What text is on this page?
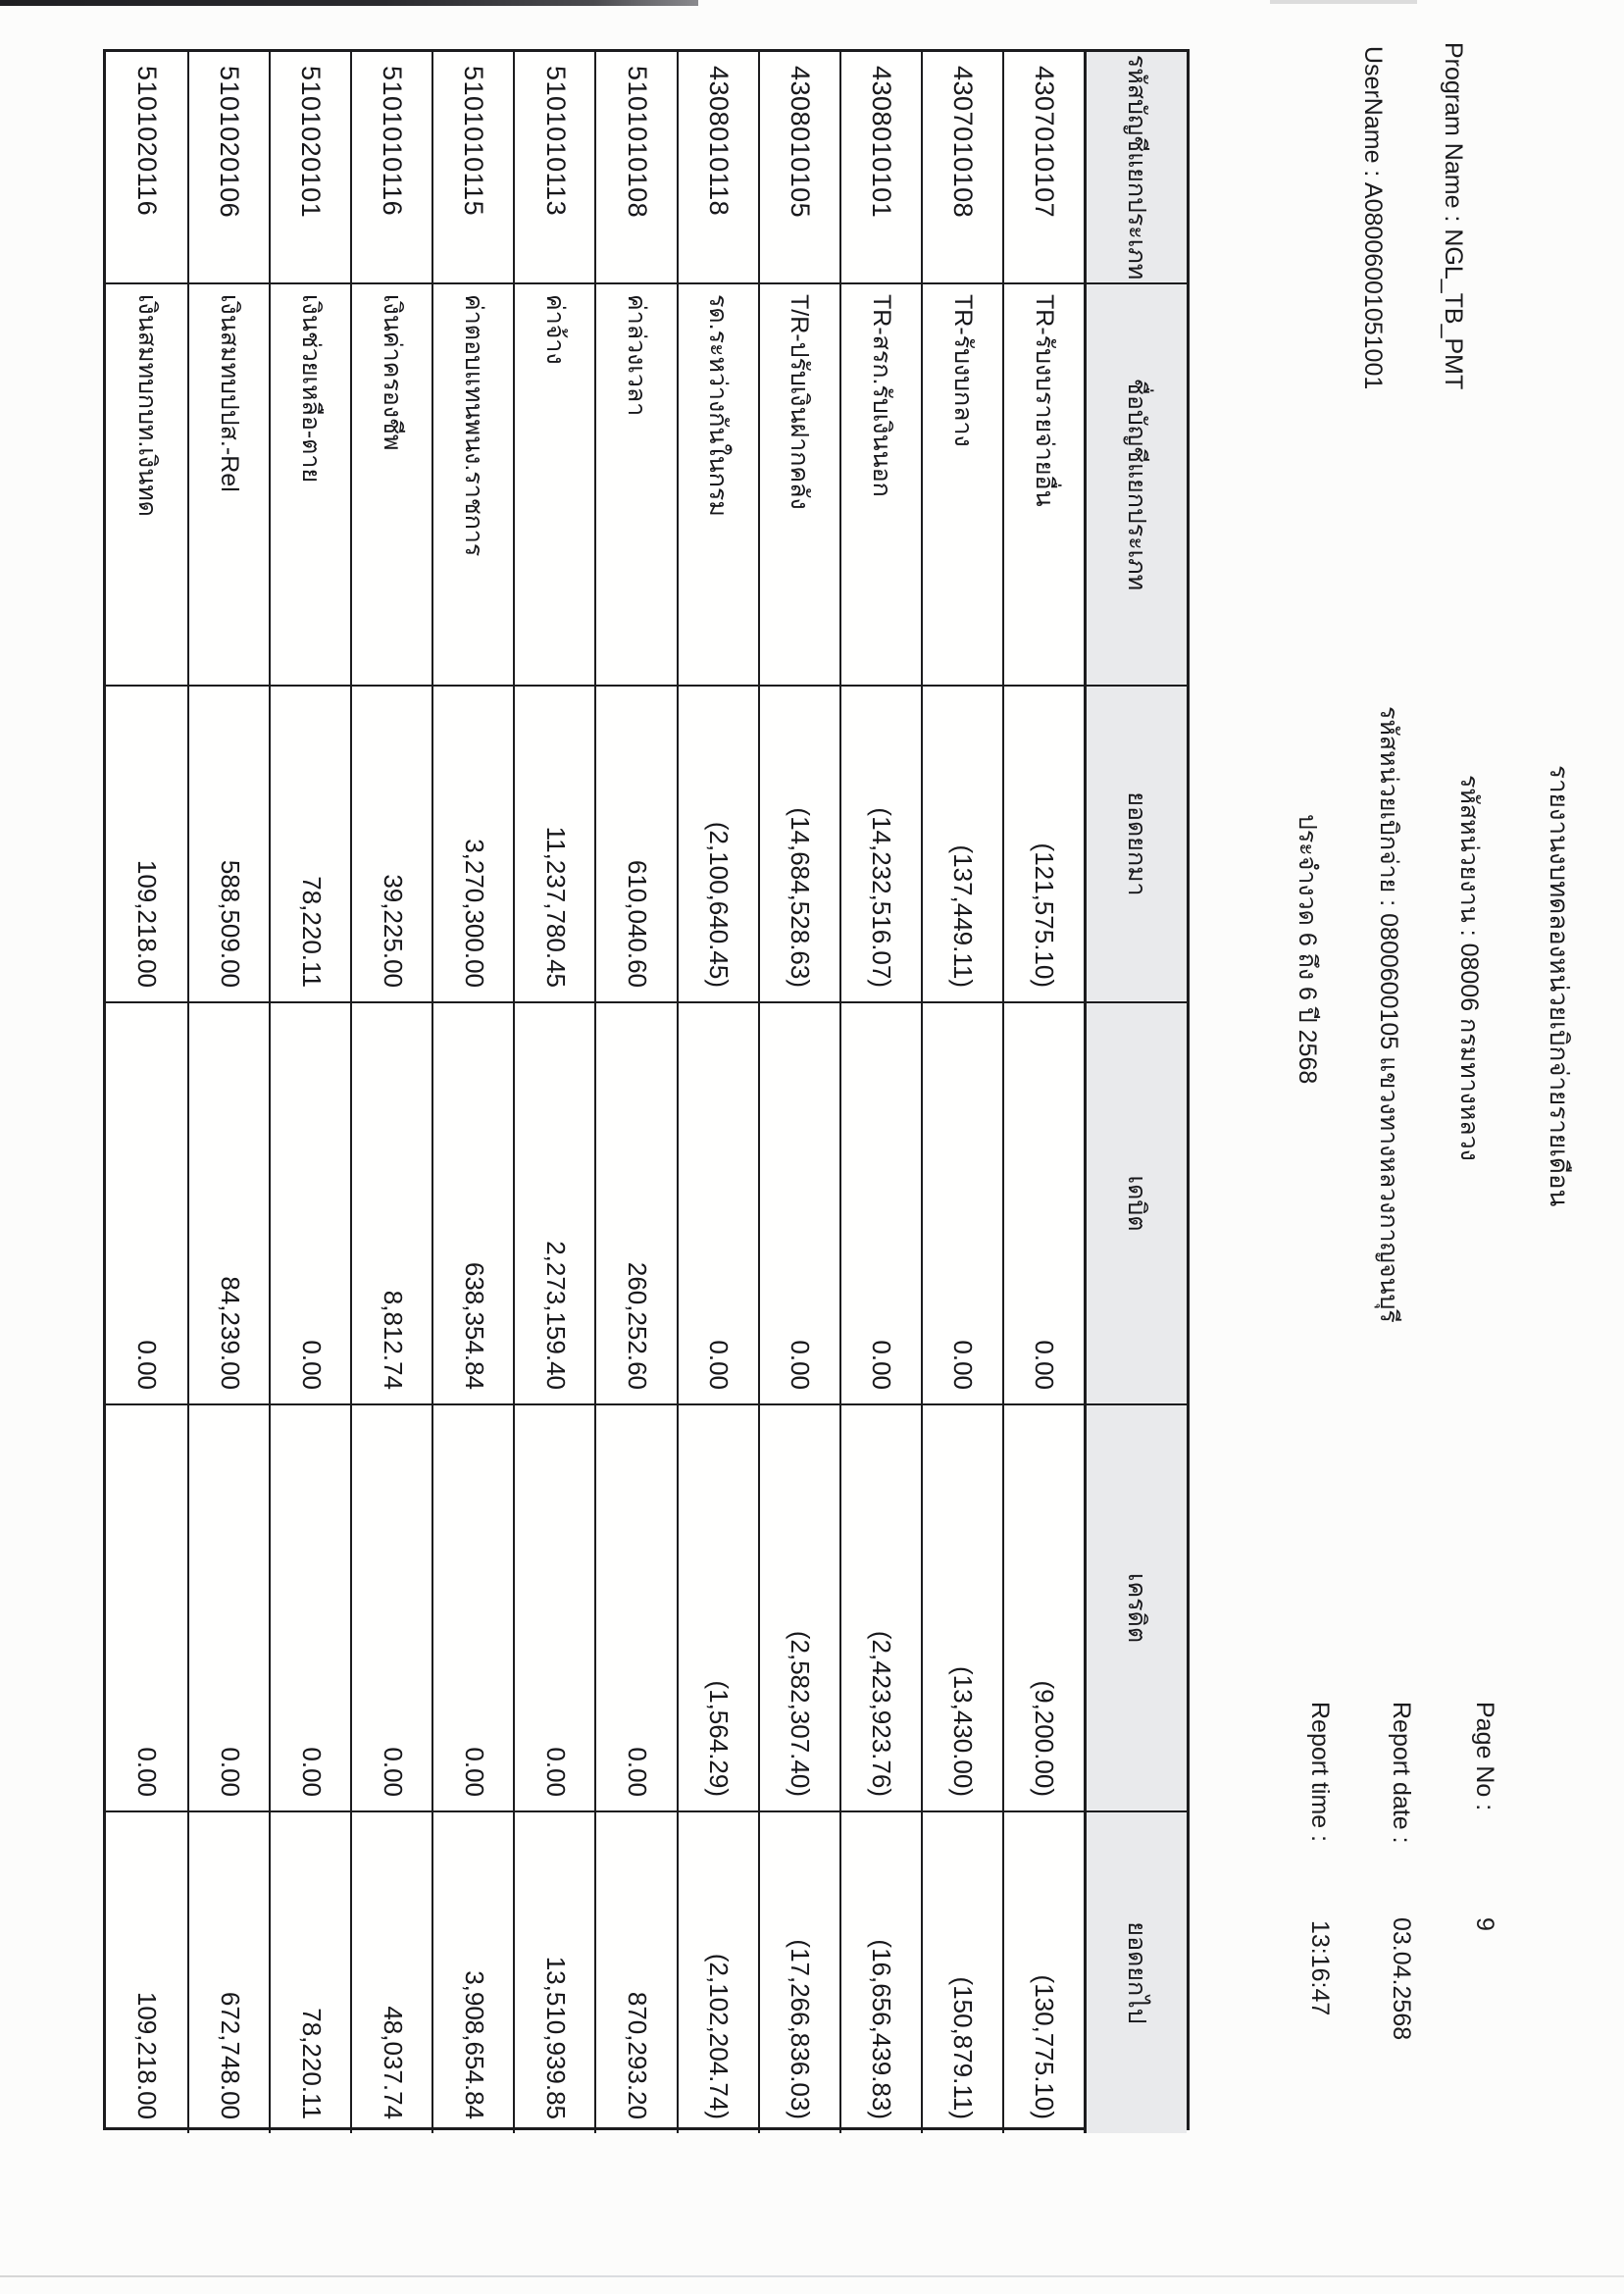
รายงานงบทดลองหน่วยเบิกจ่ายรายเดือน
รหัสหน่วยงาน : 08006 กรมทางหลวง
รหัสหน่วยเบิกจ่าย : 0800600105 แขวงทางหลวงกาญจนบุรี
ประจำงวด 6 ถึง 6 ปี 2568
Program Name : NGL_TB_PMT
UserName : A08006001051001
Page No :
9
Report date :
03.04.2568
Report time :
13:16:47
รหัสบัญชีแยกประเภท
ชื่อบัญชีแยกประเภท
ยอดยกมา
เดบิต
เครดิต
ยอดยกไป
4307010107
TR-รับงบรายจ่ายอื่น
(121,575.10)
0.00
(9,200.00)
(130,775.10)
4307010108
TR-รับงบกลาง
(137,449.11)
0.00
(13,430.00)
(150,879.11)
4308010101
TR-สรก.รับเงินนอก
(14,232,516.07)
0.00
(2,423,923.76)
(16,656,439.83)
4308010105
T/R-ปรับเงินฝากคลัง
(14,684,528.63)
0.00
(2,582,307.40)
(17,266,836.03)
4308010118
รด.ระหว่างกันในกรม
(2,100,640.45)
0.00
(1,564.29)
(2,102,204.74)
5101010108
ค่าล่วงเวลา
610,040.60
260,252.60
0.00
870,293.20
5101010113
ค่าจ้าง
11,237,780.45
2,273,159.40
0.00
13,510,939.85
5101010115
ค่าตอบแทนพนง.ราชการ
3,270,300.00
638,354.84
0.00
3,908,654.84
5101010116
เงินค่าครองชีพ
39,225.00
8,812.74
0.00
48,037.74
5101020101
เงินช่วยเหลือ-ตาย
78,220.11
0.00
0.00
78,220.11
5101020106
เงินสมทบปปส.-Rel
588,509.00
84,239.00
0.00
672,748.00
5101020116
เงินสมทบกบท.เงินทด
109,218.00
0.00
0.00
109,218.00
